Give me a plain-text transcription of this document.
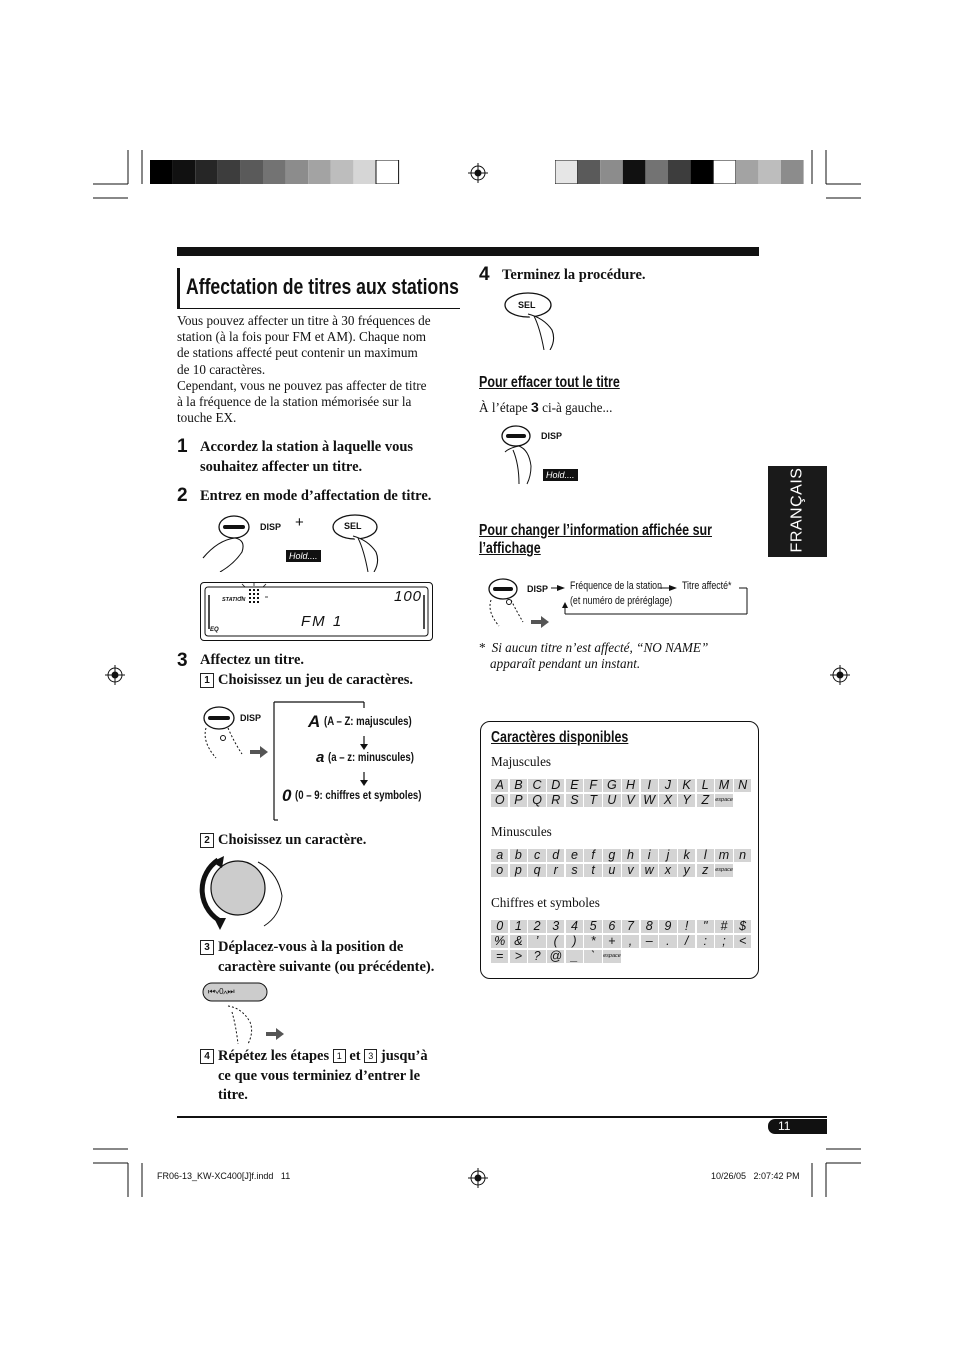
FRANÇAIS
Affectation de titres aux stations
Vous pouvez affecter un titre à 30 fréquences de
station (à la fois pour FM et AM). Chaque nom
de stations affecté peut contenir un maximum
de 10 caractères.
Cependant, vous ne pouvez pas affecter de titre
à la fréquence de la station mémorisée sur la
touche EX.
1 Accordez la station à laquelle vous
souhaitez affecter un titre.
2 Entrez en mode d’affectation de titre.
DISP +	SEL
Hold....
STATION	100
FM 1
EQ
3 Affectez un titre.
1 Choisissez un jeu de caractères.
A (A – Z: majuscules)
a (a – z: minuscules)
0 (0 – 9: chiffres et symboles)
DISP
2 Choisissez un caractère.
3 Déplacez-vous à la position de
caractère suivante (ou précédente).
⏮∨0∧⏭
4 Répétez les étapes 1 et 3 jusqu’à
ce que vous terminiez d’entrer le
titre.
4 Terminez la procédure.
SEL
Pour effacer tout le titre
À l’étape 3 ci-à gauche...
DISP
Hold....
Pour changer l’information affichée sur
l’affichage
DISP Fréquence de la station Titre affecté*
(et numéro de préréglage)
* Si aucun titre n’est affecté, “NO NAME”
apparaît pendant un instant.
Caractères disponibles
Majuscules
A B C D E F G H I	J K L M N
O P Q R S T U V W X Y Z	espace
Minuscules
a b c d e	f	g h	i	j	k	l m n
o p q	r	s	t	u v w x y z	espace
Chiffres et symboles
0 1 2 3 4 5 6 7 8 9	!	"	# $
% &	’	(	)	*	+	,	–	.	/	:	;	<
= > ? @ _	`	espace
11
FR06-13_KW-XC400[J]f.indd   11	10/26/05   2:07:42 PM
